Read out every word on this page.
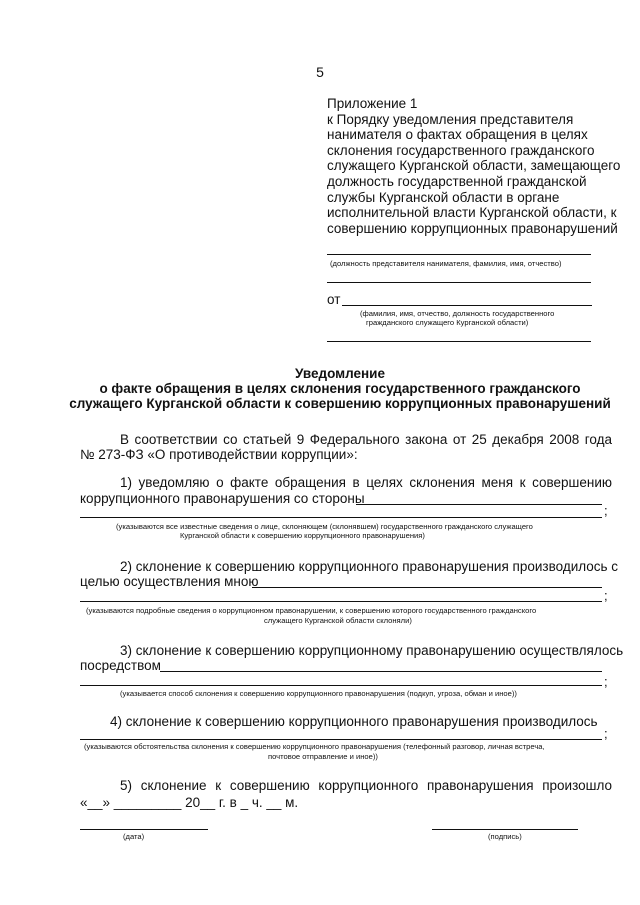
5

Приложение 1

к Порядку уведомления представителя

нанимателя о фактах обращения в целях

склонения государственного гражданского

служащего Курганской области, замещающего

должность государственной гражданской

службы Курганской области в органе

исполнительной власти Курганской области, к

совершению коррупционных правонарушений

(должность представителя нанимателя, фамилия, имя, отчество)
от
(фамилия, имя, отчество, должность государственного
гражданского служащего Курганской области)
Уведомление
о факте обращения в целях склонения государственного гражданского
служащего Курганской области к совершению коррупционных правонарушений
В соответствии со статьей 9 Федерального закона от 25 декабря 2008 года
№ 273-ФЗ «О противодействии коррупции»:
1) уведомляю о факте обращения в целях склонения меня к совершению
коррупционного правонарушения со стороны
;
(указываются все известные сведения о лице, склоняющем (склонявшем) государственного гражданского служащего
Курганской области к совершению коррупционного правонарушения)
2) склонение к совершению коррупционного правонарушения производилось с
целью осуществления мною
;
(указываются подробные сведения о коррупционном правонарушении, к совершению которого государственного гражданского
служащего Курганской области склоняли)
3) склонение к совершению коррупционному правонарушению осуществлялось
посредством
;
(указывается способ склонения к совершению коррупционного правонарушения (подкуп, угроза, обман и иное))
4) склонение к совершению коррупционного правонарушения производилось
;
(указываются обстоятельства склонения к совершению коррупционного правонарушения (телефонный разговор, личная встреча,
почтовое отправление и иное))
5) склонение к совершению коррупционного правонарушения произошло
«__» _________ 20__ г. в _ ч. __ м.
(дата)	(подпись)
